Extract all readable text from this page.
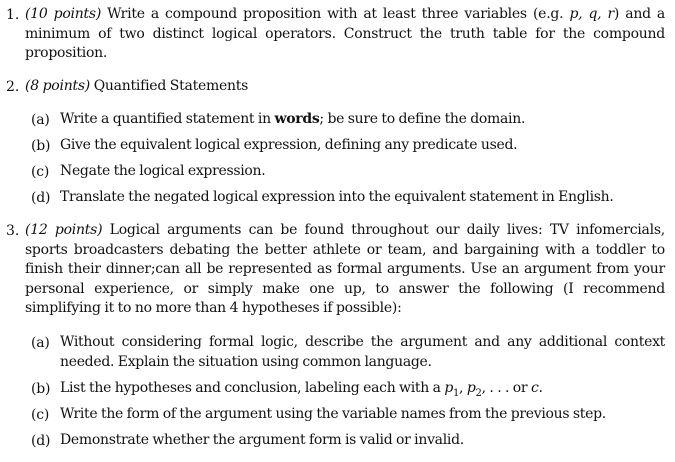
1. (10 points) Write a compound proposition with at least three variables (e.g. p, q, r) and a minimum of two distinct logical operators. Construct the truth table for the compound proposition.
2. (8 points) Quantified Statements
(a) Write a quantified statement in words; be sure to define the domain.
(b) Give the equivalent logical expression, defining any predicate used.
(c) Negate the logical expression.
(d) Translate the negated logical expression into the equivalent statement in English.
3. (12 points) Logical arguments can be found throughout our daily lives: TV infomercials, sports broadcasters debating the better athlete or team, and bargaining with a toddler to finish their dinner;can all be represented as formal arguments. Use an argument from your personal experience, or simply make one up, to answer the following (I recommend simplifying it to no more than 4 hypotheses if possible):
(a) Without considering formal logic, describe the argument and any additional context needed. Explain the situation using common language.
(b) List the hypotheses and conclusion, labeling each with a $p_1$, $p_2$, . . . or c.
(c) Write the form of the argument using the variable names from the previous step.
(d) Demonstrate whether the argument form is valid or invalid.
